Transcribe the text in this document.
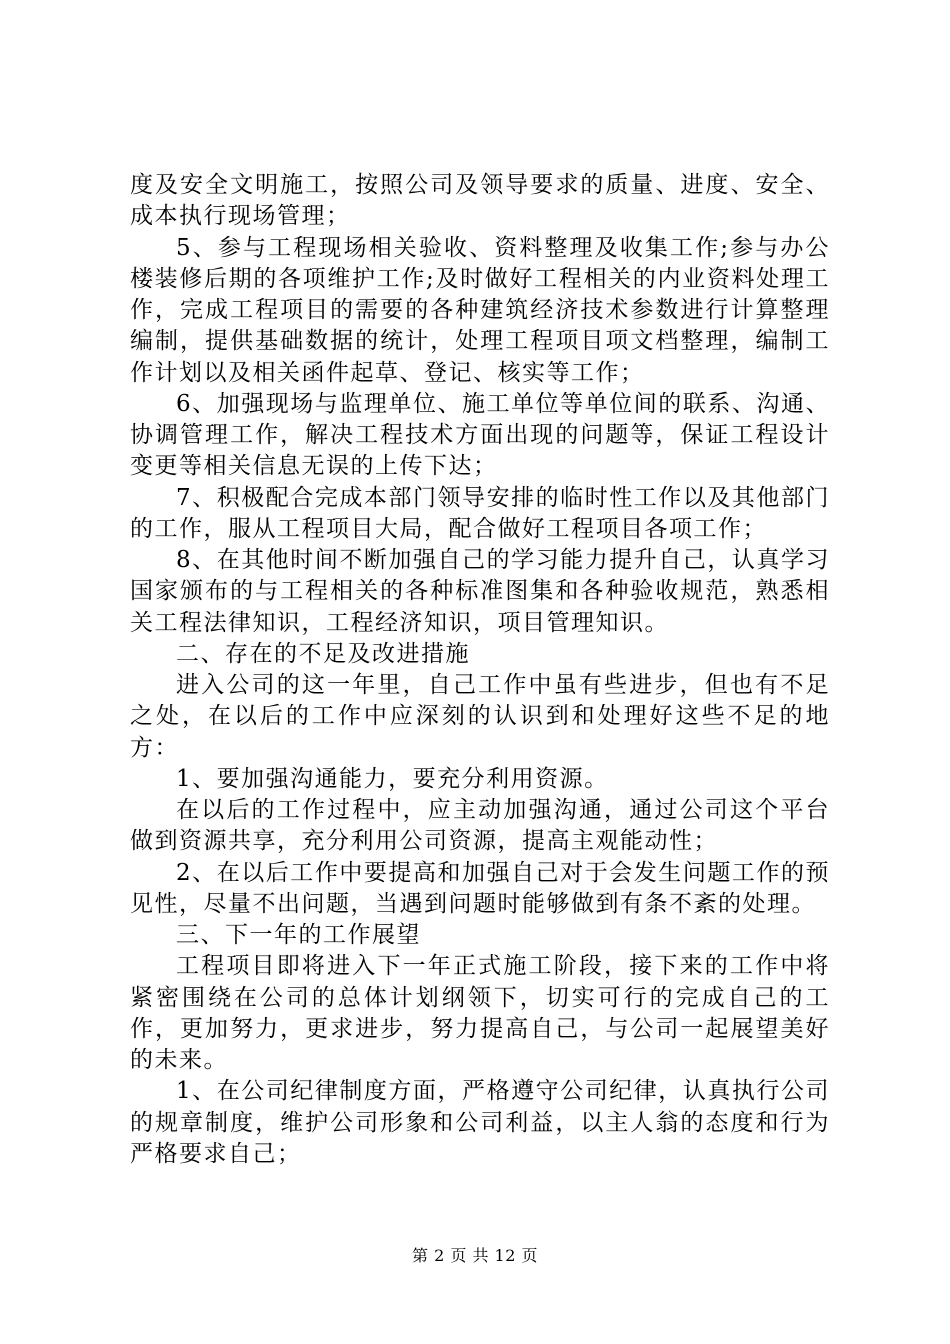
度及安全文明施工，按照公司及领导要求的质量、进度、安全、成本执行现场管理；

5、参与工程现场相关验收、资料整理及收集工作;参与办公楼装修后期的各项维护工作;及时做好工程相关的内业资料处理工作，完成工程项目的需要的各种建筑经济技术参数进行计算整理编制，提供基础数据的统计，处理工程项目项文档整理，编制工作计划以及相关函件起草、登记、核实等工作；

6、加强现场与监理单位、施工单位等单位间的联系、沟通、协调管理工作，解决工程技术方面出现的问题等，保证工程设计变更等相关信息无误的上传下达；

7、积极配合完成本部门领导安排的临时性工作以及其他部门的工作，服从工程项目大局，配合做好工程项目各项工作；

8、在其他时间不断加强自己的学习能力提升自己，认真学习国家颁布的与工程相关的各种标准图集和各种验收规范，熟悉相关工程法律知识，工程经济知识，项目管理知识。

二、存在的不足及改进措施

进入公司的这一年里，自己工作中虽有些进步，但也有不足之处，在以后的工作中应深刻的认识到和处理好这些不足的地方：

1、要加强沟通能力，要充分利用资源。

在以后的工作过程中，应主动加强沟通，通过公司这个平台做到资源共享，充分利用公司资源，提高主观能动性；

2、在以后工作中要提高和加强自己对于会发生问题工作的预见性，尽量不出问题，当遇到问题时能够做到有条不紊的处理。

三、下一年的工作展望

工程项目即将进入下一年正式施工阶段，接下来的工作中将紧密围绕在公司的总体计划纲领下，切实可行的完成自己的工作，更加努力，更求进步，努力提高自己，与公司一起展望美好的未来。

1、在公司纪律制度方面，严格遵守公司纪律，认真执行公司的规章制度，维护公司形象和公司利益，以主人翁的态度和行为严格要求自己；

第 2 页 共 12 页
